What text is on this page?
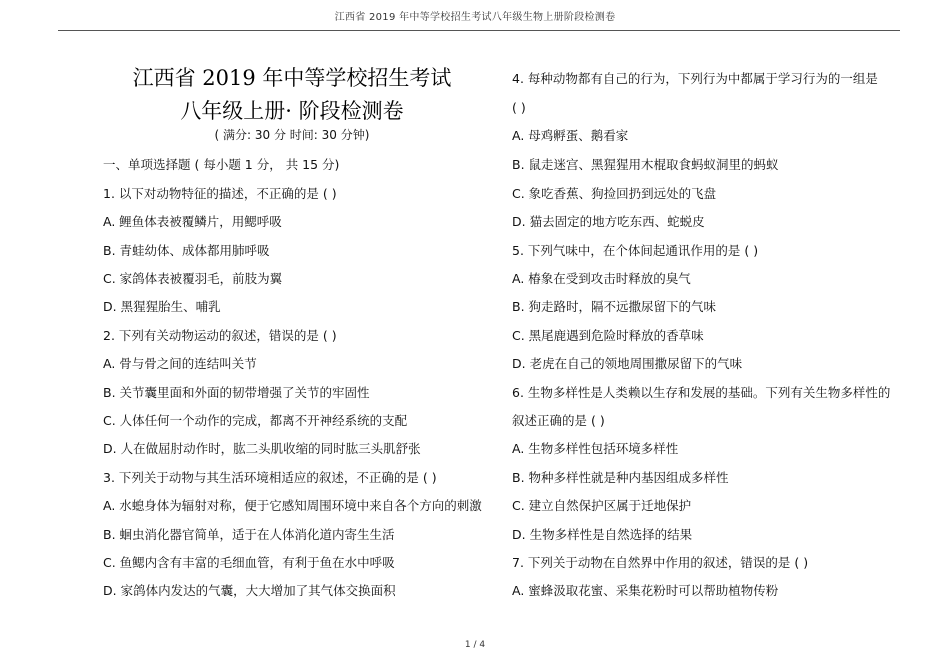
江西省 2019 年中等学校招生考试八年级生物上册阶段检测卷
江西省 2019 年中等学校招生考试
八年级上册· 阶段检测卷
( 满分: 30 分 时间: 30 分钟)
一、单项选择题 ( 每小题 1 分， 共 15 分)
1. 以下对动物特征的描述，不正确的是 ( )
A. 鲤鱼体表被覆鳞片，用鳃呼吸
B. 青蛙幼体、成体都用肺呼吸
C. 家鸽体表被覆羽毛，前肢为翼
D. 黑猩猩胎生、哺乳
2. 下列有关动物运动的叙述，错误的是 ( )
A. 骨与骨之间的连结叫关节
B. 关节囊里面和外面的韧带增强了关节的牢固性
C. 人体任何一个动作的完成，都离不开神经系统的支配
D. 人在做屈肘动作时，肱二头肌收缩的同时肱三头肌舒张
3. 下列关于动物与其生活环境相适应的叙述，不正确的是 ( )
A. 水螅身体为辐射对称，便于它感知周围环境中来自各个方向的刺激
B. 蛔虫消化器官简单，适于在人体消化道内寄生生活
C. 鱼鳃内含有丰富的毛细血管，有利于鱼在水中呼吸
D. 家鸽体内发达的气囊，大大增加了其气体交换面积
4. 每种动物都有自己的行为，下列行为中都属于学习行为的一组是
( )
A. 母鸡孵蛋、鹅看家
B. 鼠走迷宫、黑猩猩用木棍取食蚂蚁洞里的蚂蚁
C. 象吃香蕉、狗捡回扔到远处的飞盘
D. 猫去固定的地方吃东西、蛇蜕皮
5. 下列气味中，在个体间起通讯作用的是 ( )
A. 椿象在受到攻击时释放的臭气
B. 狗走路时，隔不远撒尿留下的气味
C. 黑尾鹿遇到危险时释放的香草味
D. 老虎在自己的领地周围撒尿留下的气味
6. 生物多样性是人类赖以生存和发展的基础。下列有关生物多样性的
叙述正确的是 ( )
A. 生物多样性包括环境多样性
B. 物种多样性就是种内基因组成多样性
C. 建立自然保护区属于迁地保护
D. 生物多样性是自然选择的结果
7. 下列关于动物在自然界中作用的叙述，错误的是 ( )
A. 蜜蜂汲取花蜜、采集花粉时可以帮助植物传粉
1 / 4
